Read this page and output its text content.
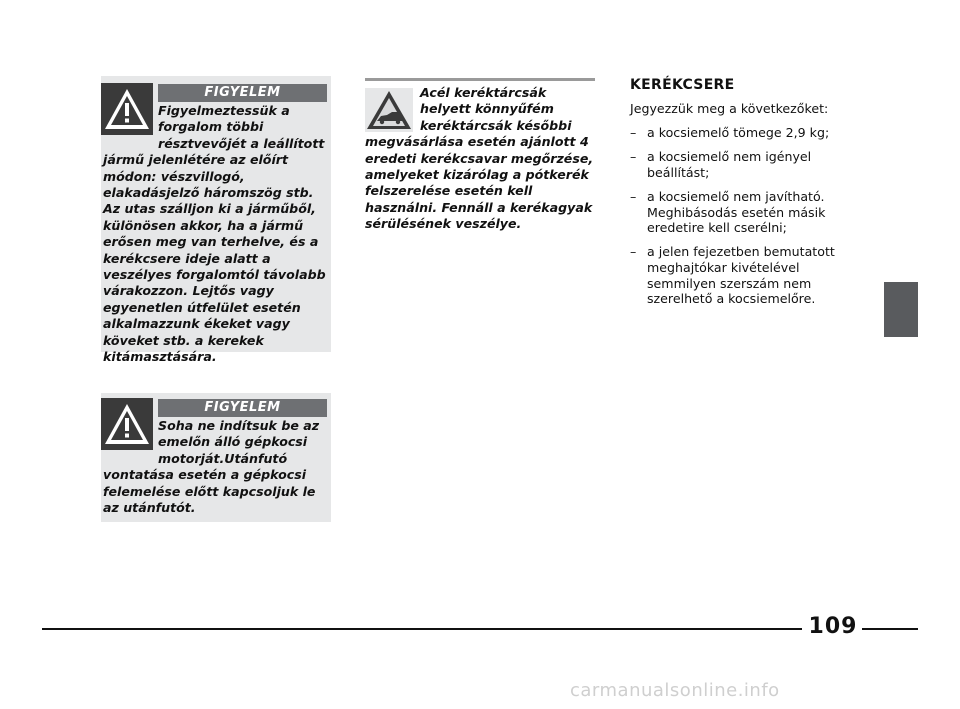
FIGYELEM

Figyelmeztessük a forgalom többi résztvevőjét a leállított jármű jelenlétére az előírt módon: vészvillogó, elakadásjelző háromszög stb. Az utas szálljon ki a járműből, különösen akkor, ha a jármű erősen meg van terhelve, és a kerékcsere ideje alatt a veszélyes forgalomtól távolabb várakozzon. Lejtős vagy egyenetlen útfelület esetén alkalmazzunk ékeket vagy köveket stb. a kerekek kitámasztására.

FIGYELEM

Soha ne indítsuk be az emelőn álló gépkocsi motorját.Utánfutó vontatása esetén a gépkocsi felemelése előtt kapcsoljuk le az utánfutót.

Acél keréktárcsák helyett könnyűfém keréktárcsák későbbi megvásárlása esetén ajánlott 4 eredeti kerékcsavar megőrzése, amelyeket kizárólag a pótkerék felszerelése esetén kell használni. Fennáll a kerékagyak sérülésének veszélye.

KERÉKCSERE
Jegyezzük meg a következőket:
– a kocsiemelő tömege 2,9 kg;
– a kocsiemelő nem igényel beállítást;
– a kocsiemelő nem javítható. Meghibásodás esetén másik eredetire kell cserélni;
– a jelen fejezetben bemutatott meghajtókar kivételével semmilyen szerszám nem szerelhető a kocsiemelőre.
109
carmanualsonline.info
